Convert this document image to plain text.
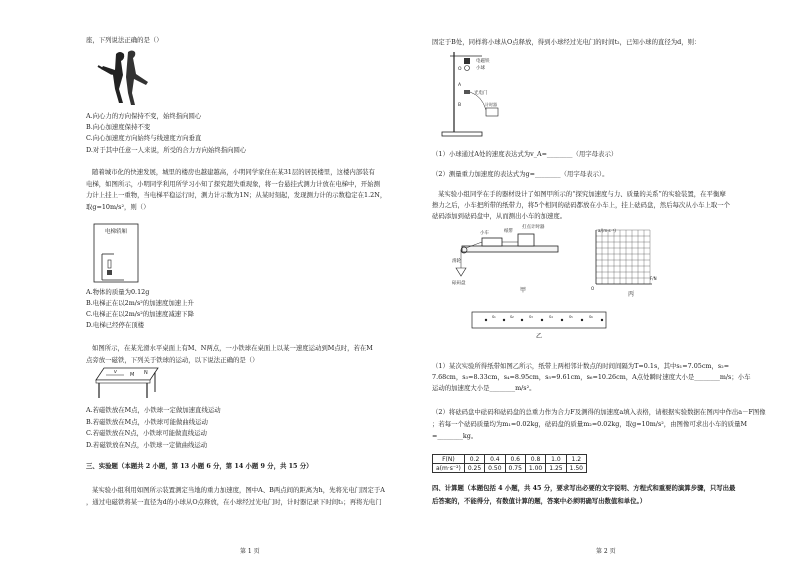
座，下列说法正确的是（）
A.向心力的方向保持不变，始终指向圆心
B.向心加速度保持不变
C.向心加速度方向始终与线速度方向垂直
D.对于其中任意一人来说，所受的合力方向始终指向圆心
随着城市化的快速发展，城里的楼房也越建越高，小明同学家住在某31层的居民楼里，这楼内部装有
电梯，如图所示，小明同学利用所学习小知了探究超失重现象，将一台悬挂式测力计放在电梯中，开始测
力计上挂上一重物，当电梯平稳运行时，测力计示数为1N；从某时刻起，发现测力计的示数稳定在1.2N，
取g=10m/s²，则（）
电梯轿厢
A.物体的质量为0.12g
B.电梯正在以2m/s²的加速度加速上升
C.电梯正在以2m/s²的加速度减速下降
D.电梯已经停在顶楼
如图所示，在某光滑水平桌面上有M、N两点，一小铁球在桌面上以某一速度运动到M点时，若在M
点旁放一磁铁，下列关于铁球的运动，以下说法正确的是（）
M N
v
A.若磁铁放在M点，小铁球一定做加速直线运动
B.若磁铁放在M点，小铁球可能做曲线运动
C.若磁铁放在N点，小铁球可能做直线运动
D.若磁铁放在N点，小铁球一定做曲线运动
三、实验题（本题共 2 小题，第 13 小题 6 分，第 14 小题 9 分，共 15 分）
某实验小组利用如图所示装置测定当地的重力加速度，图中A、B两点间的距离为h，先将光电门固定于A
，通过电磁铁将某一直径为d的小球从O点释放，在小球经过光电门时，计时器记录下时间t₁；再将光电门
固定于B处，同样将小球从O点释放，得到小球经过光电门的时间t₂，已知小球的直径为d，则：
电磁铁
小球
光电门
O
A
B	计时器
（1）小球通过A处的速度表达式为v_A=________（用字母表示）
（2）测量重力加速度的表达式为g=________（用字母表示）。
某实验小组同学在手的器材设计了如图甲所示的“探究加速度与力、质量的关系”的实验装置，在平衡摩
擦力之后，小车把所带的纸带力，将5个相同的砝码都放在小车上，挂上砝码盘，然后每次从小车上取一个
砝码添加到砝码盘中，从而测出小车的加速度。
小车	纸带
打点计时器
滑轮
砝码盘
甲
a/(m·s⁻²)
F/N
O
丙
s₁	s₂	s₃	s₄	s₅	s₆
乙
（1）某次实验所得纸带如图乙所示，纸带上两相邻计数点的时间间隔为T=0.1s，其中s₁=7.05cm，s₂=
7.68cm，s₃=8.33cm，s₄=8.95cm，s₅=9.61cm，s₆=10.26cm，A点处瞬时速度大小是________m/s；小车
运动的加速度大小是________m/s²。
（2）将砝码盘中砝码和砝码盘的总重力作为合力F及测得的加速度a填入表格，请根据实验数据在图丙中作出a－F图像
；若每一个砝码质量均为m₁=0.02kg，砝码盘的质量m₂=0.02kg，取g=10m/s²，由图像可求出小车的质量M
=________kg。
F(N)	0.2	0.4	0.6	0.8	1.0	1.2
a(m·s⁻²)	0.25	0.50	0.75	1.00	1.25	1.50
四、计算题（本题包括 4 小题，共 45 分，要求写出必要的文字说明、方程式和重要的演算步骤，只写出最
后答案的，不能得分，有数值计算的题，答案中必须明确写出数值和单位。）
第 1 页	第 2 页
